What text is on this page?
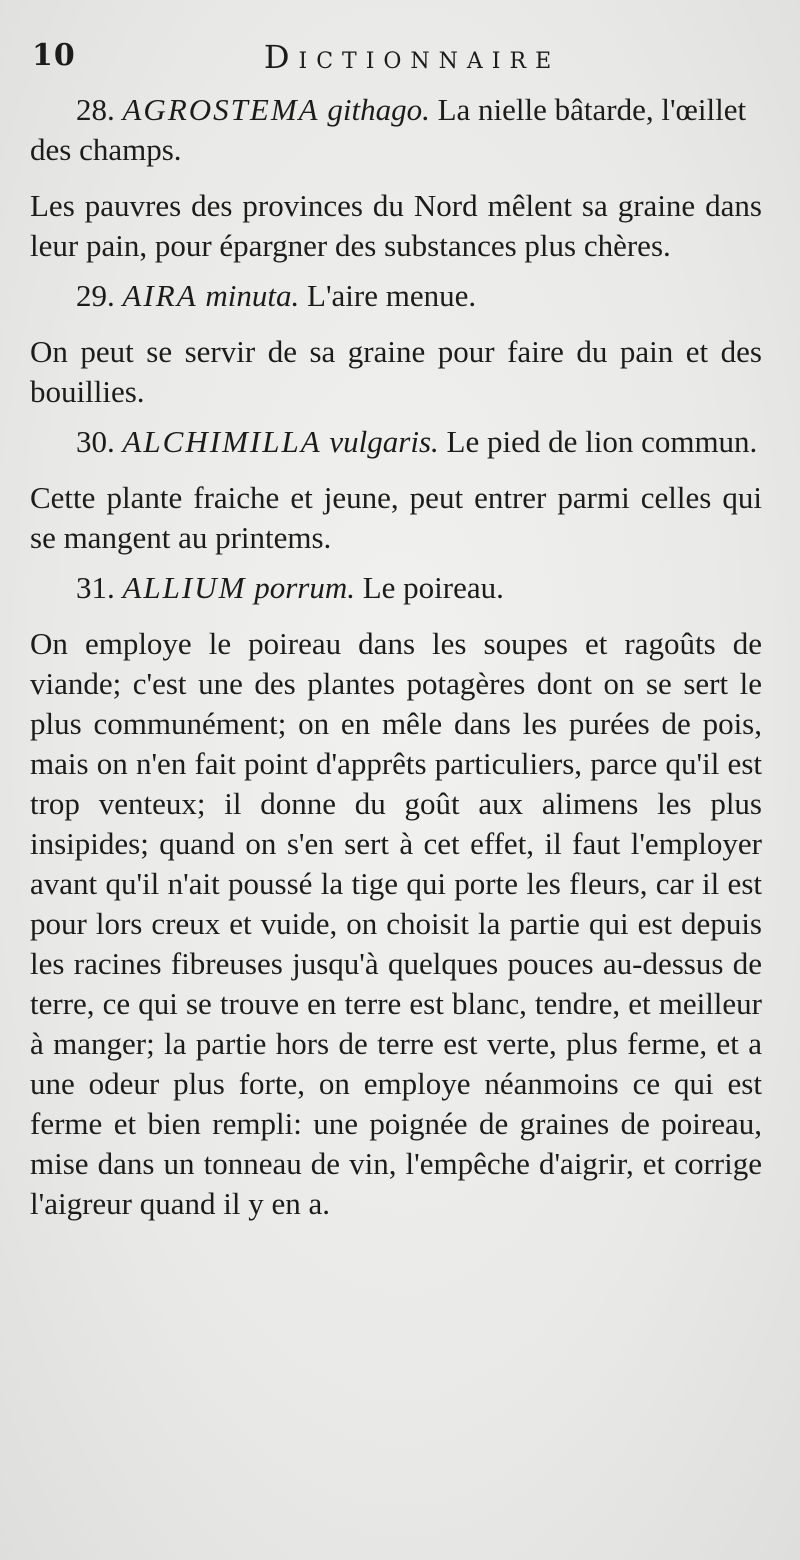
10	Dictionnaire

28. AGROSTEMA githago. La nielle bâtarde, l'œillet des champs.

Les pauvres des provinces du Nord mêlent sa graine dans leur pain, pour épargner des substances plus chères.

29. AIRA minuta. L'aire menue.

On peut se servir de sa graine pour faire du pain et des bouillies.

30. ALCHIMILLA vulgaris. Le pied de lion commun.

Cette plante fraiche et jeune, peut entrer parmi celles qui se mangent au printems.

31. ALLIUM porrum. Le poireau.

On employe le poireau dans les soupes et ragoûts de viande; c'est une des plantes potagères dont on se sert le plus communément; on en mêle dans les purées de pois, mais on n'en fait point d'apprêts particuliers, parce qu'il est trop venteux; il donne du goût aux alimens les plus insipides; quand on s'en sert à cet effet, il faut l'employer avant qu'il n'ait poussé la tige qui porte les fleurs, car il est pour lors creux et vuide, on choisit la partie qui est depuis les racines fibreuses jusqu'à quelques pouces au-dessus de terre, ce qui se trouve en terre est blanc, tendre, et meilleur à manger; la partie hors de terre est verte, plus ferme, et a une odeur plus forte, on employe néanmoins ce qui est ferme et bien rempli: une poignée de graines de poireau, mise dans un tonneau de vin, l'empêche d'aigrir, et corrige l'aigreur quand il y en a.
